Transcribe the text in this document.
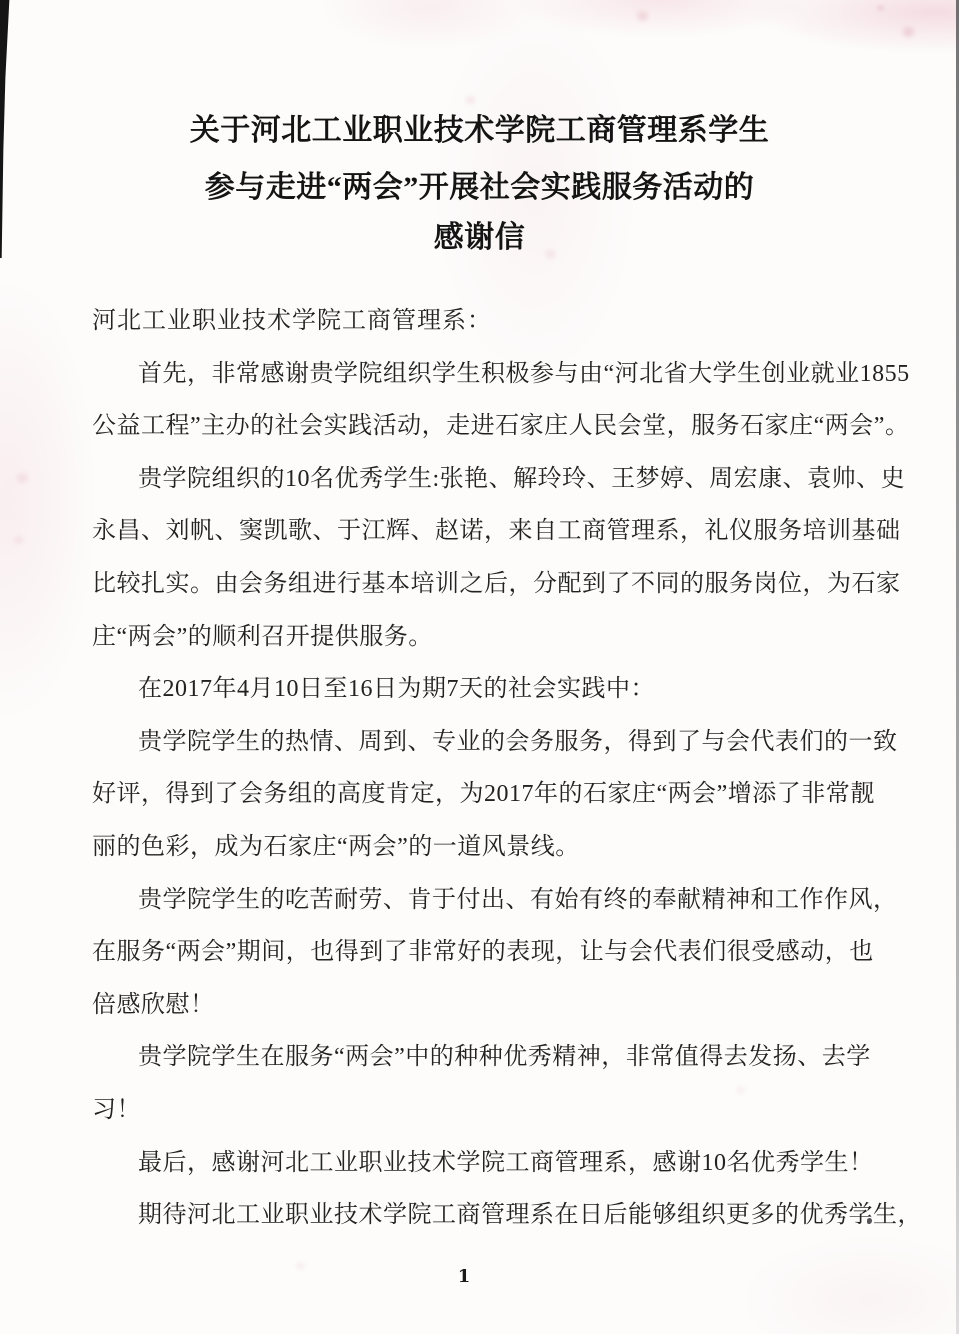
关于河北工业职业技术学院工商管理系学生
参与走进“两会”开展社会实践服务活动的
感谢信
河北工业职业技术学院工商管理系：
首先，非常感谢贵学院组织学生积极参与由“河北省大学生创业就业1855
公益工程”主办的社会实践活动，走进石家庄人民会堂，服务石家庄“两会”。
贵学院组织的10名优秀学生:张艳、解玲玲、王梦婷、周宏康、袁帅、史
永昌、刘帆、窦凯歌、于江辉、赵诺，来自工商管理系，礼仪服务培训基础
比较扎实。由会务组进行基本培训之后，分配到了不同的服务岗位，为石家
庄“两会”的顺利召开提供服务。
在2017年4月10日至16日为期7天的社会实践中：
贵学院学生的热情、周到、专业的会务服务，得到了与会代表们的一致
好评，得到了会务组的高度肯定，为2017年的石家庄“两会”增添了非常靓
丽的色彩，成为石家庄“两会”的一道风景线。
贵学院学生的吃苦耐劳、肯于付出、有始有终的奉献精神和工作作风，
在服务“两会”期间，也得到了非常好的表现，让与会代表们很受感动，也
倍感欣慰！
贵学院学生在服务“两会”中的种种优秀精神，非常值得去发扬、去学
习！
最后，感谢河北工业职业技术学院工商管理系，感谢10名优秀学生！
期待河北工业职业技术学院工商管理系在日后能够组织更多的优秀学生，
1
